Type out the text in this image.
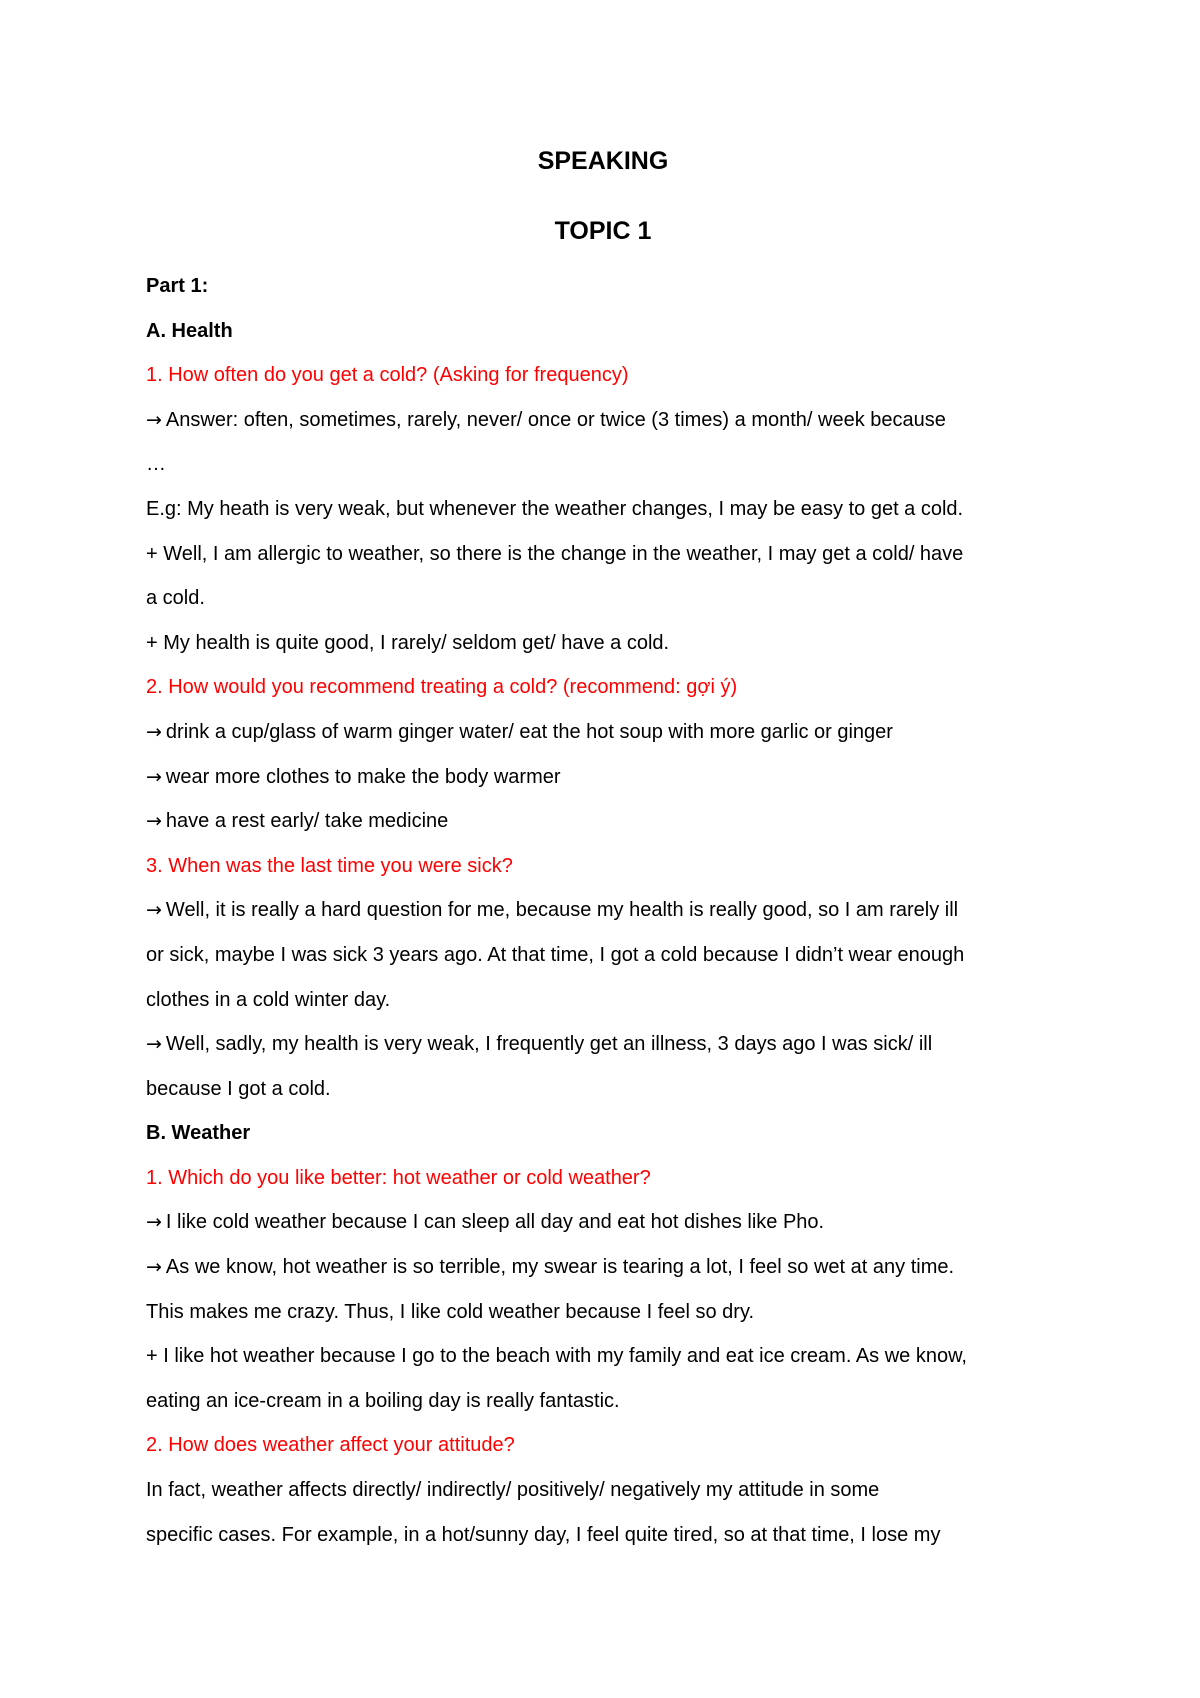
SPEAKING

TOPIC 1

Part 1:

A. Health

1. How often do you get a cold? (Asking for frequency)

→ Answer: often, sometimes, rarely, never/ once or twice (3 times) a month/ week because

…

E.g: My heath is very weak, but whenever the weather changes, I may be easy to get a cold.

+ Well, I am allergic to weather, so there is the change in the weather, I may get a cold/ have

a cold.

+ My health is quite good, I rarely/ seldom get/ have a cold.

2. How would you recommend treating a cold? (recommend: gợi ý)

→ drink a cup/glass of warm ginger water/ eat the hot soup with more garlic or ginger

→ wear more clothes to make the body warmer

→ have a rest early/ take medicine

3. When was the last time you were sick?

→ Well, it is really a hard question for me, because my health is really good, so I am rarely ill

or sick, maybe I was sick 3 years ago. At that time, I got a cold because I didn’t wear enough

clothes in a cold winter day.

→ Well, sadly, my health is very weak, I frequently get an illness, 3 days ago I was sick/ ill

because I got a cold.

B. Weather

1. Which do you like better: hot weather or cold weather?

→ I like cold weather because I can sleep all day and eat hot dishes like Pho.

→ As we know, hot weather is so terrible, my swear is tearing a lot, I feel so wet at any time.

This makes me crazy. Thus, I like cold weather because I feel so dry.

+ I like hot weather because I go to the beach with my family and eat ice cream. As we know,

eating an ice-cream in a boiling day is really fantastic.

2. How does weather affect your attitude?

In fact, weather affects directly/ indirectly/ positively/ negatively my attitude in some

specific cases. For example, in a hot/sunny day, I feel quite tired, so at that time, I lose my
